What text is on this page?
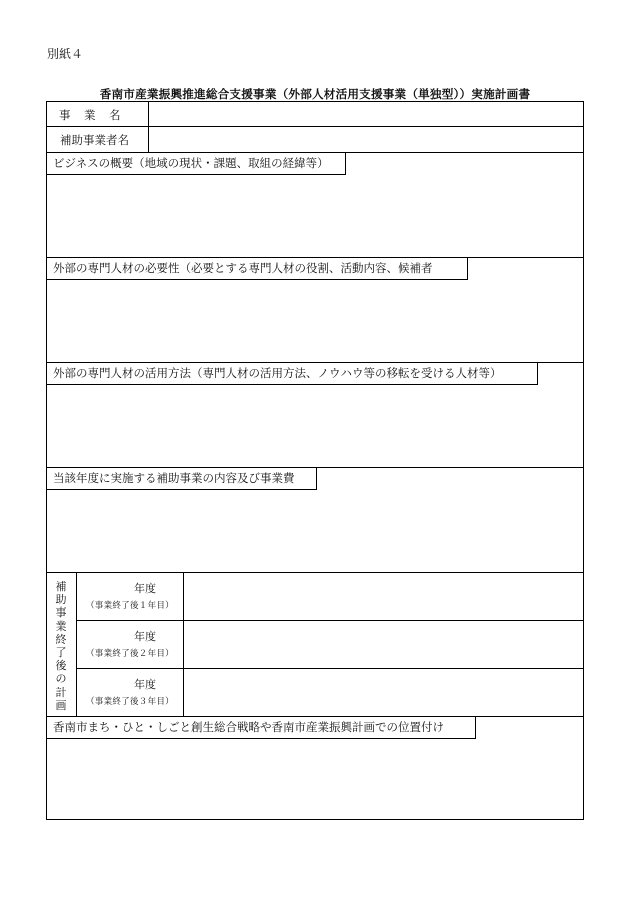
別紙４
香南市産業振興推進総合支援事業（外部人材活用支援事業（単独型））実施計画書
事　業　名
補助事業者名
ビジネスの概要（地域の現状・課題、取組の経緯等）
外部の専門人材の必要性（必要とする専門人材の役割、活動内容、候補者
外部の専門人材の活用方法（専門人材の活用方法、ノウハウ等の移転を受ける人材等）
当該年度に実施する補助事業の内容及び事業費
香南市まち・ひと・しごと創生総合戦略や香南市産業振興計画での位置付け
補
助
事
業
終
了
後
の
計
画
年度
（事業終了後１年目）
年度
（事業終了後２年目）
年度
（事業終了後３年目）
